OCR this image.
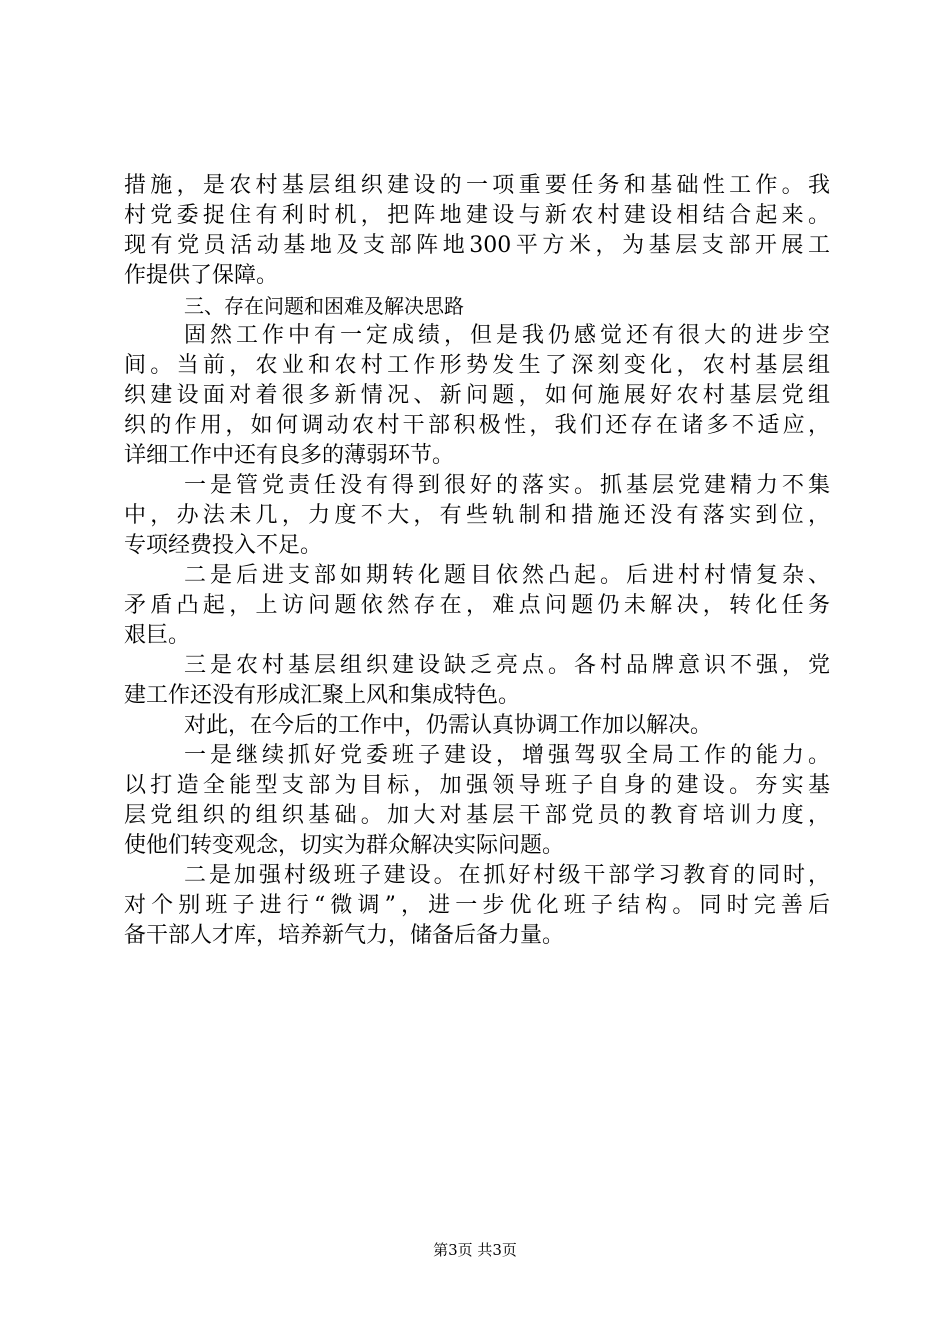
措施，是农村基层组织建设的一项重要任务和基础性工作。我
村党委捉住有利时机，把阵地建设与新农村建设相结合起来。
现有党员活动基地及支部阵地300平方米，为基层支部开展工
作提供了保障。
三、存在问题和困难及解决思路
固然工作中有一定成绩，但是我仍感觉还有很大的进步空
间。当前，农业和农村工作形势发生了深刻变化，农村基层组
织建设面对着很多新情况、新问题，如何施展好农村基层党组
织的作用，如何调动农村干部积极性，我们还存在诸多不适应，
详细工作中还有良多的薄弱环节。
一是管党责任没有得到很好的落实。抓基层党建精力不集
中，办法未几，力度不大，有些轨制和措施还没有落实到位，
专项经费投入不足。
二是后进支部如期转化题目依然凸起。后进村村情复杂、
矛盾凸起，上访问题依然存在，难点问题仍未解决，转化任务
艰巨。
三是农村基层组织建设缺乏亮点。各村品牌意识不强，党
建工作还没有形成汇聚上风和集成特色。
对此，在今后的工作中，仍需认真协调工作加以解决。
一是继续抓好党委班子建设，增强驾驭全局工作的能力。
以打造全能型支部为目标，加强领导班子自身的建设。夯实基
层党组织的组织基础。加大对基层干部党员的教育培训力度，
使他们转变观念，切实为群众解决实际问题。
二是加强村级班子建设。在抓好村级干部学习教育的同时，
对个别班子进行“微调”，进一步优化班子结构。同时完善后
备干部人才库，培养新气力，储备后备力量。
第3页 共3页
